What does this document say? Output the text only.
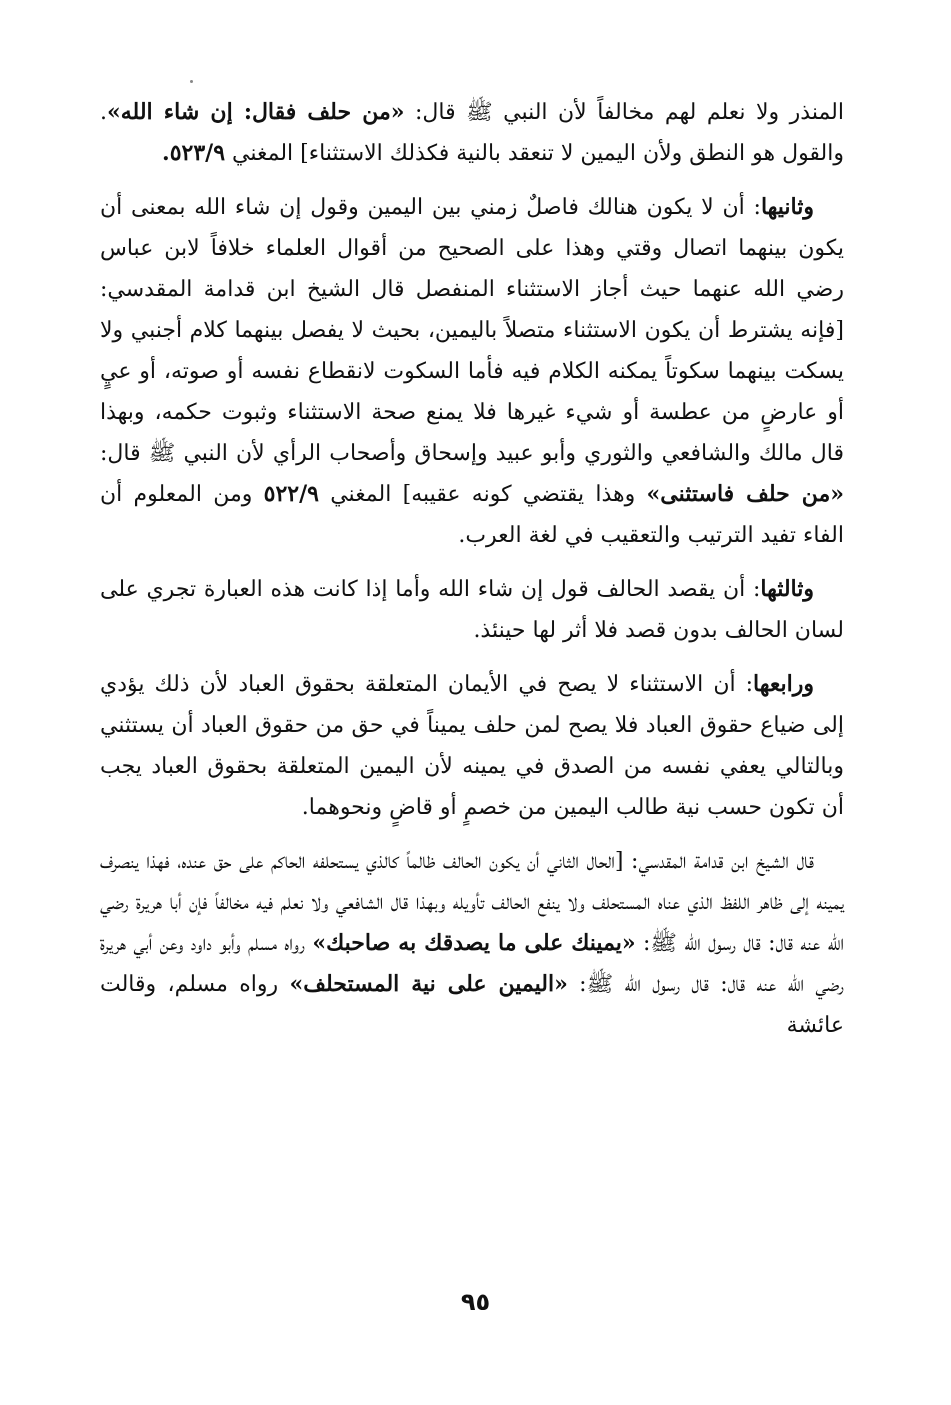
المنذر ولا نعلم لهم مخالفاً لأن النبي ﷺ قال: «من حلف فقال: إن شاء الله». والقول هو النطق ولأن اليمين لا تنعقد بالنية فكذلك الاستثناء] المغني ٥٢٣/٩.

وثانيها: أن لا يكون هنالك فاصلٌ زمني بين اليمين وقول إن شاء الله بمعنى أن يكون بينهما اتصال وقتي وهذا على الصحيح من أقوال العلماء خلافاً لابن عباس رضي الله عنهما حيث أجاز الاستثناء المنفصل قال الشيخ ابن قدامة المقدسي: [فإنه يشترط أن يكون الاستثناء متصلاً باليمين، بحيث لا يفصل بينهما كلام أجنبي ولا يسكت بينهما سكوتاً يمكنه الكلام فيه فأما السكوت لانقطاع نفسه أو صوته، أو عيٍ أو عارضٍ من عطسة أو شيء غيرها فلا يمنع صحة الاستثناء وثبوت حكمه، وبهذا قال مالك والشافعي والثوري وأبو عبيد وإسحاق وأصحاب الرأي لأن النبي ﷺ قال: «من حلف فاستثنى» وهذا يقتضي كونه عقيبه] المغني ٥٢٢/٩ ومن المعلوم أن الفاء تفيد الترتيب والتعقيب في لغة العرب.

وثالثها: أن يقصد الحالف قول إن شاء الله وأما إذا كانت هذه العبارة تجري على لسان الحالف بدون قصد فلا أثر لها حينئذ.

ورابعها: أن الاستثناء لا يصح في الأيمان المتعلقة بحقوق العباد لأن ذلك يؤدي إلى ضياع حقوق العباد فلا يصح لمن حلف يميناً في حق من حقوق العباد أن يستثني وبالتالي يعفي نفسه من الصدق في يمينه لأن اليمين المتعلقة بحقوق العباد يجب أن تكون حسب نية طالب اليمين من خصمٍ أو قاضٍ ونحوهما.

قال الشيخ ابن قدامة المقدسي: [الحال الثاني أن يكون الحالف ظالماً كالذي يستحلفه الحاكم على حق عنده، فهذا ينصرف يمينه إلى ظاهر اللفظ الذي عناه المستحلف ولا ينفع الحالف تأويله وبهذا قال الشافعي ولا نعلم فيه مخالفاً فإن أبا هريرة رضي الله عنه قال: قال رسول الله ﷺ: «يمينك على ما يصدقك به صاحبك» رواه مسلم وأبو داود وعن أبي هريرة رضي الله عنه قال: قال رسول الله ﷺ: «اليمين على نية المستحلف» رواه مسلم، وقالت عائشة

٩٥
